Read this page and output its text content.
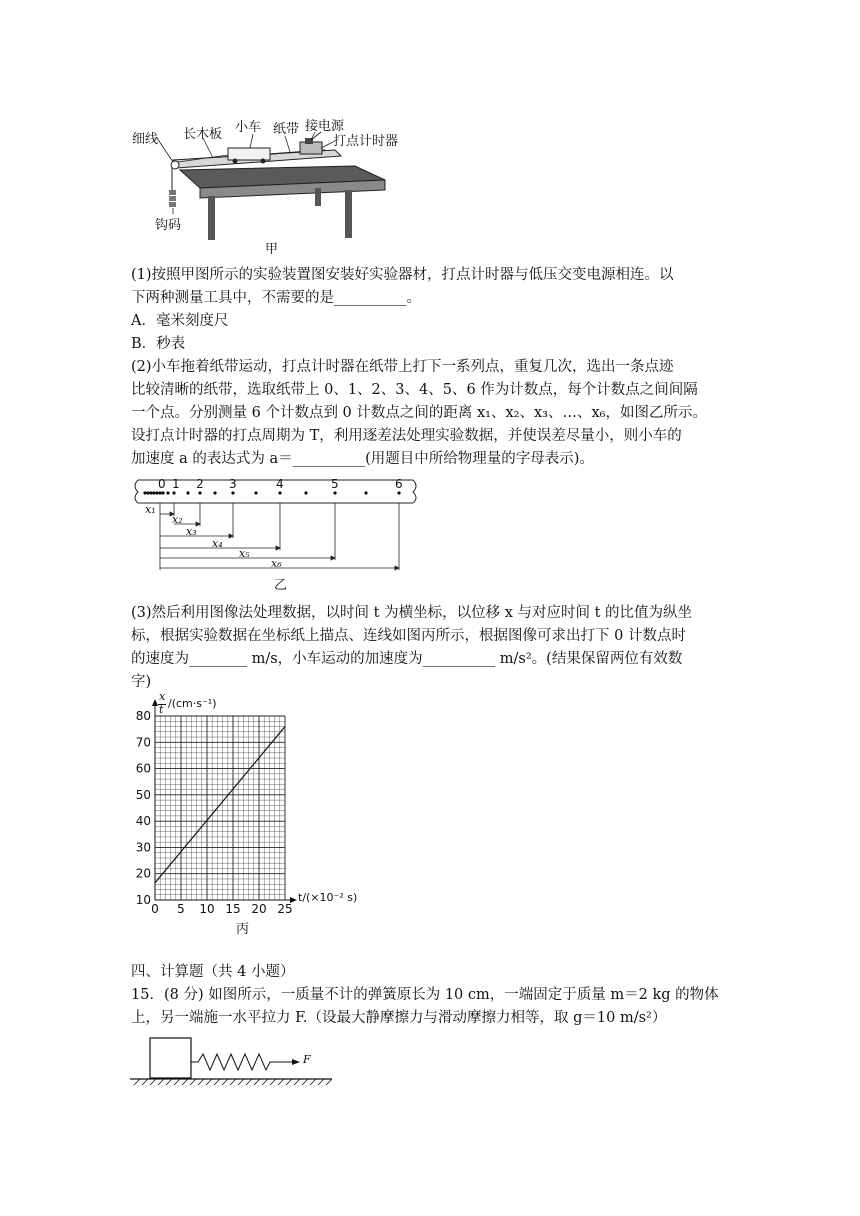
细线 长木板 小车 纸带 接电源
打点计时器
钩码
甲
(1)按照甲图所示的实验装置图安装好实验器材，打点计时器与低压交变电源相连。以
下两种测量工具中，不需要的是__________。
A．毫米刻度尺
B．秒表
(2)小车拖着纸带运动，打点计时器在纸带上打下一系列点，重复几次，选出一条点迹
比较清晰的纸带，选取纸带上 0、1、2、3、4、5、6 作为计数点，每个计数点之间间隔
一个点。分别测量 6 个计数点到 0 计数点之间的距离 x₁、x₂、x₃、…、x₆，如图乙所示。
设打点计时器的打点周期为 T，利用逐差法处理实验数据，并使误差尽量小，则小车的
加速度 a 的表达式为 a＝__________(用题目中所给物理量的字母表示)。
0 1 2 3	4	5	6
x₁
x₂
x₃
x₄
x₅
x₆
乙
(3)然后利用图像法处理数据，以时间 t 为横坐标，以位移 x 与对应时间 t 的比值为纵坐
标，根据实验数据在坐标纸上描点、连线如图丙所示，根据图像可求出打下 0 计数点时
的速度为________ m/s，小车运动的加速度为__________ m/s²。(结果保留两位有效数
字)
0 5 10 15 20 25
10
20
30
40
50
60
70
80
x
t /(cm·s⁻¹)
t/(×10⁻² s)
丙
四、计算题（共 4 小题）
15．(8 分) 如图所示，一质量不计的弹簧原长为 10 cm，一端固定于质量 m＝2 kg 的物体
上，另一端施一水平拉力 F.（设最大静摩擦力与滑动摩擦力相等，取 g＝10 m/s²）
F
